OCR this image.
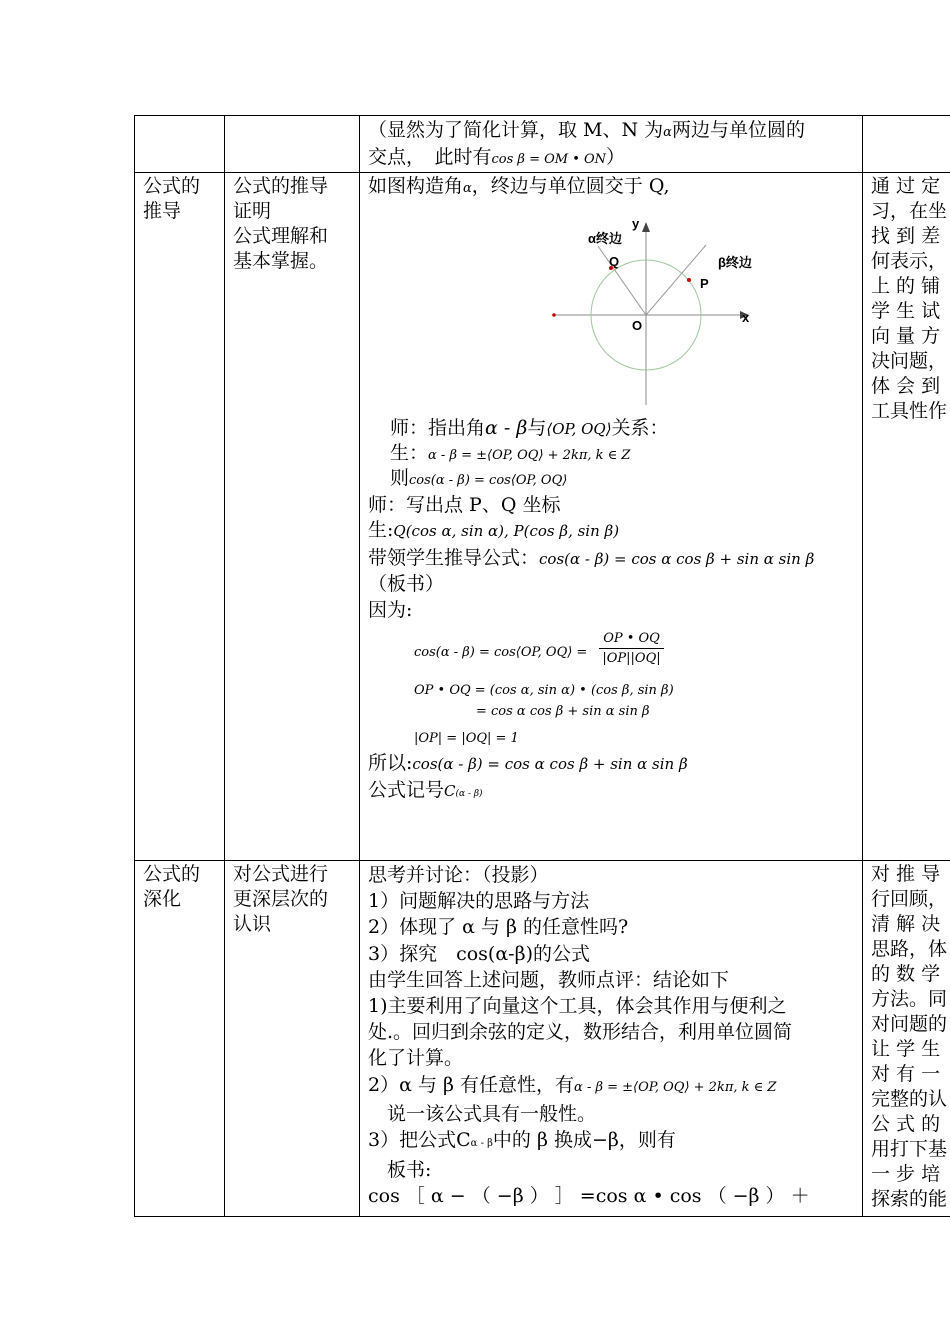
（显然为了简化计算，取 M、N 为α两边与单位圆的
交点，　此时有cos β = OM • ON）
公式的
推导
公式的推导
证明
公式理解和
基本掌握。
如图构造角α，终边与单位圆交于 Q,
y
x
α终边
β终边
Q
P
O
师：指出角α - β与⟨OP, OQ⟩关系：
生：α - β = ±⟨OP, OQ⟩ + 2kπ, k ∈ Z
则cos(α - β) = cos⟨OP, OQ⟩
师：写出点 P、Q 坐标
生:Q(cos α, sin α), P(cos β, sin β)
带领学生推导公式：cos(α - β) = cos α cos β + sin α sin β
（板书）
因为:
cos(α - β) = cos⟨OP, OQ⟩ = $\frac{OP • OQ}{|OP||OQ|}$
OP • OQ = (cos α, sin α) • (cos β, sin β)
= cos α cos β + sin α sin β
|OP| = |OQ| = 1
所以:cos(α - β) = cos α cos β + sin α sin β
公式记号C(α - β)
通 过 定
习，在坐
找 到 差
何表示，
上 的 铺
学 生 试
向 量 方
决问题，
体 会 到
工具性作
公式的
深化
对公式进行
更深层次的
认识
思考并讨论：（投影）
1）问题解决的思路与方法
2）体现了 α 与 β 的任意性吗?
3）探究　cos(α-β)的公式
由学生回答上述问题，教师点评：结论如下
1)主要利用了向量这个工具，体会其作用与便利之
处.。回归到余弦的定义，数形结合，利用单位圆简
化了计算。
2）α 与 β 有任意性，有α - β = ±⟨OP, OQ⟩ + 2kπ, k ∈ Z
　说一该公式具有一般性。
3）把公式Cα - β中的 β 换成−β，则有
　板书:
cos ［ α − （ −β ） ］ =cos α • cos （ −β ） ＋
对 推 导
行回顾，
清 解 决
思路，体
的 数 学
方法。同
对问题的
让 学 生
对 有 一
完整的认
公 式 的
用打下基
一 步 培
探索的能
